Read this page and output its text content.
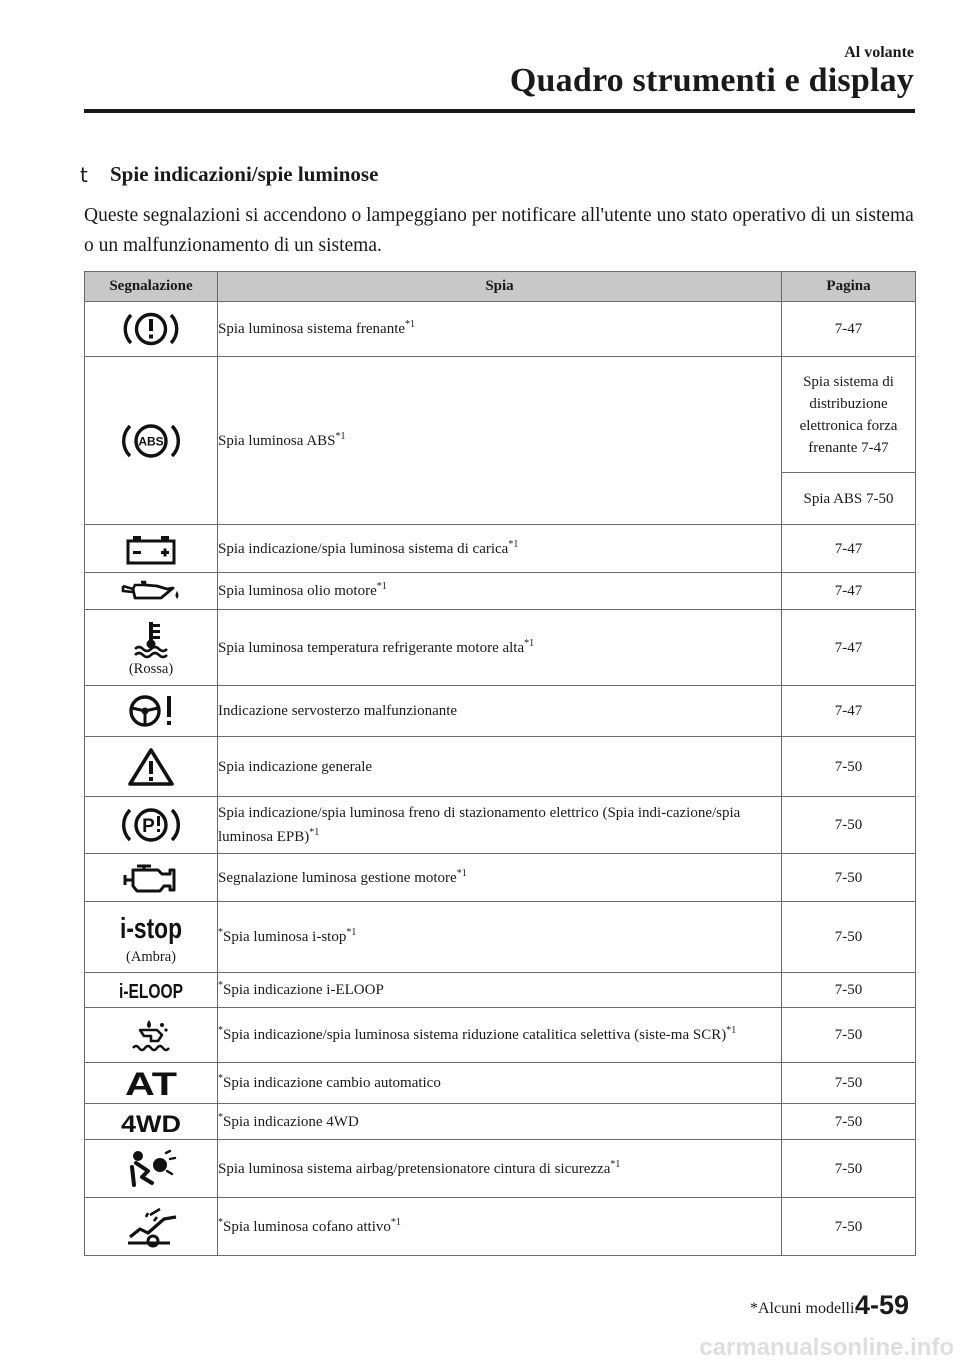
Al volante
Quadro strumenti e display
t Spie indicazioni/spie luminose
Queste segnalazioni si accendono o lampeggiano per notificare all'utente uno stato operativo di un sistema o un malfunzionamento di un sistema.
Segnalazione	Spia	Pagina

	Spia luminosa sistema frenante$^{*1}$	7-47

ABS	Spia luminosa ABS$^{*1}$	Spia sistema di distribuzione elettronica forza frenante 7-47
		Spia ABS 7-50

	Spia indicazione/spia luminosa sistema di carica$^{*1}$	7-47

	Spia luminosa olio motore$^{*1}$	7-47

(Rossa)	Spia luminosa temperatura refrigerante motore alta$^{*1}$	7-47

	Indicazione servosterzo malfunzionante	7-47

	Spia indicazione generale	7-50

P	Spia indicazione/spia luminosa freno di stazionamento elettrico (Spia indi-cazione/spia luminosa EPB)$^{*1}$	7-50

	Segnalazione luminosa gestione motore$^{*1}$	7-50

i-stop
(Ambra)	*Spia luminosa i-stop$^{*1}$	7-50

i-ELOOP	*Spia indicazione i-ELOOP	7-50

	*Spia indicazione/spia luminosa sistema riduzione catalitica selettiva (siste-ma SCR)$^{*1}$	7-50

AT	*Spia indicazione cambio automatico	7-50

4WD	*Spia indicazione 4WD	7-50

	Spia luminosa sistema airbag/pretensionatore cintura di sicurezza$^{*1}$	7-50

	*Spia luminosa cofano attivo$^{*1}$	7-50
*Alcuni modelli.
4-59
carmanualsonline.info
